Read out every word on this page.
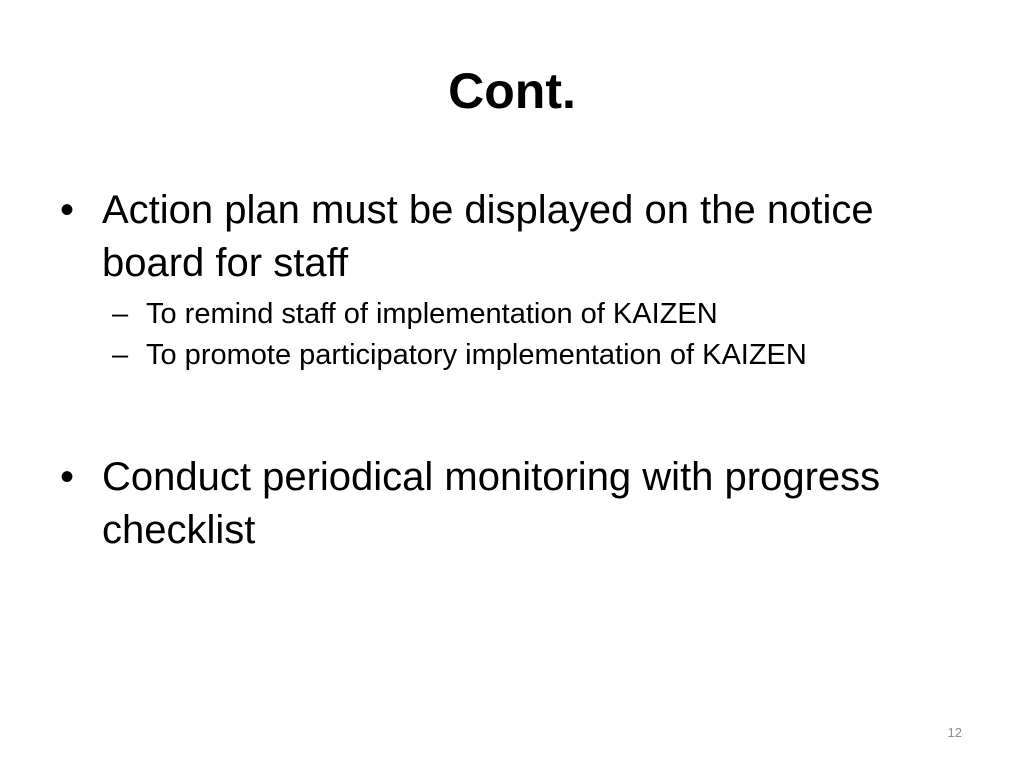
Cont.
• Action plan must be displayed on the notice board for staff
– To remind staff of implementation of KAIZEN
– To promote participatory implementation of KAIZEN
• Conduct periodical monitoring with progress checklist
12
